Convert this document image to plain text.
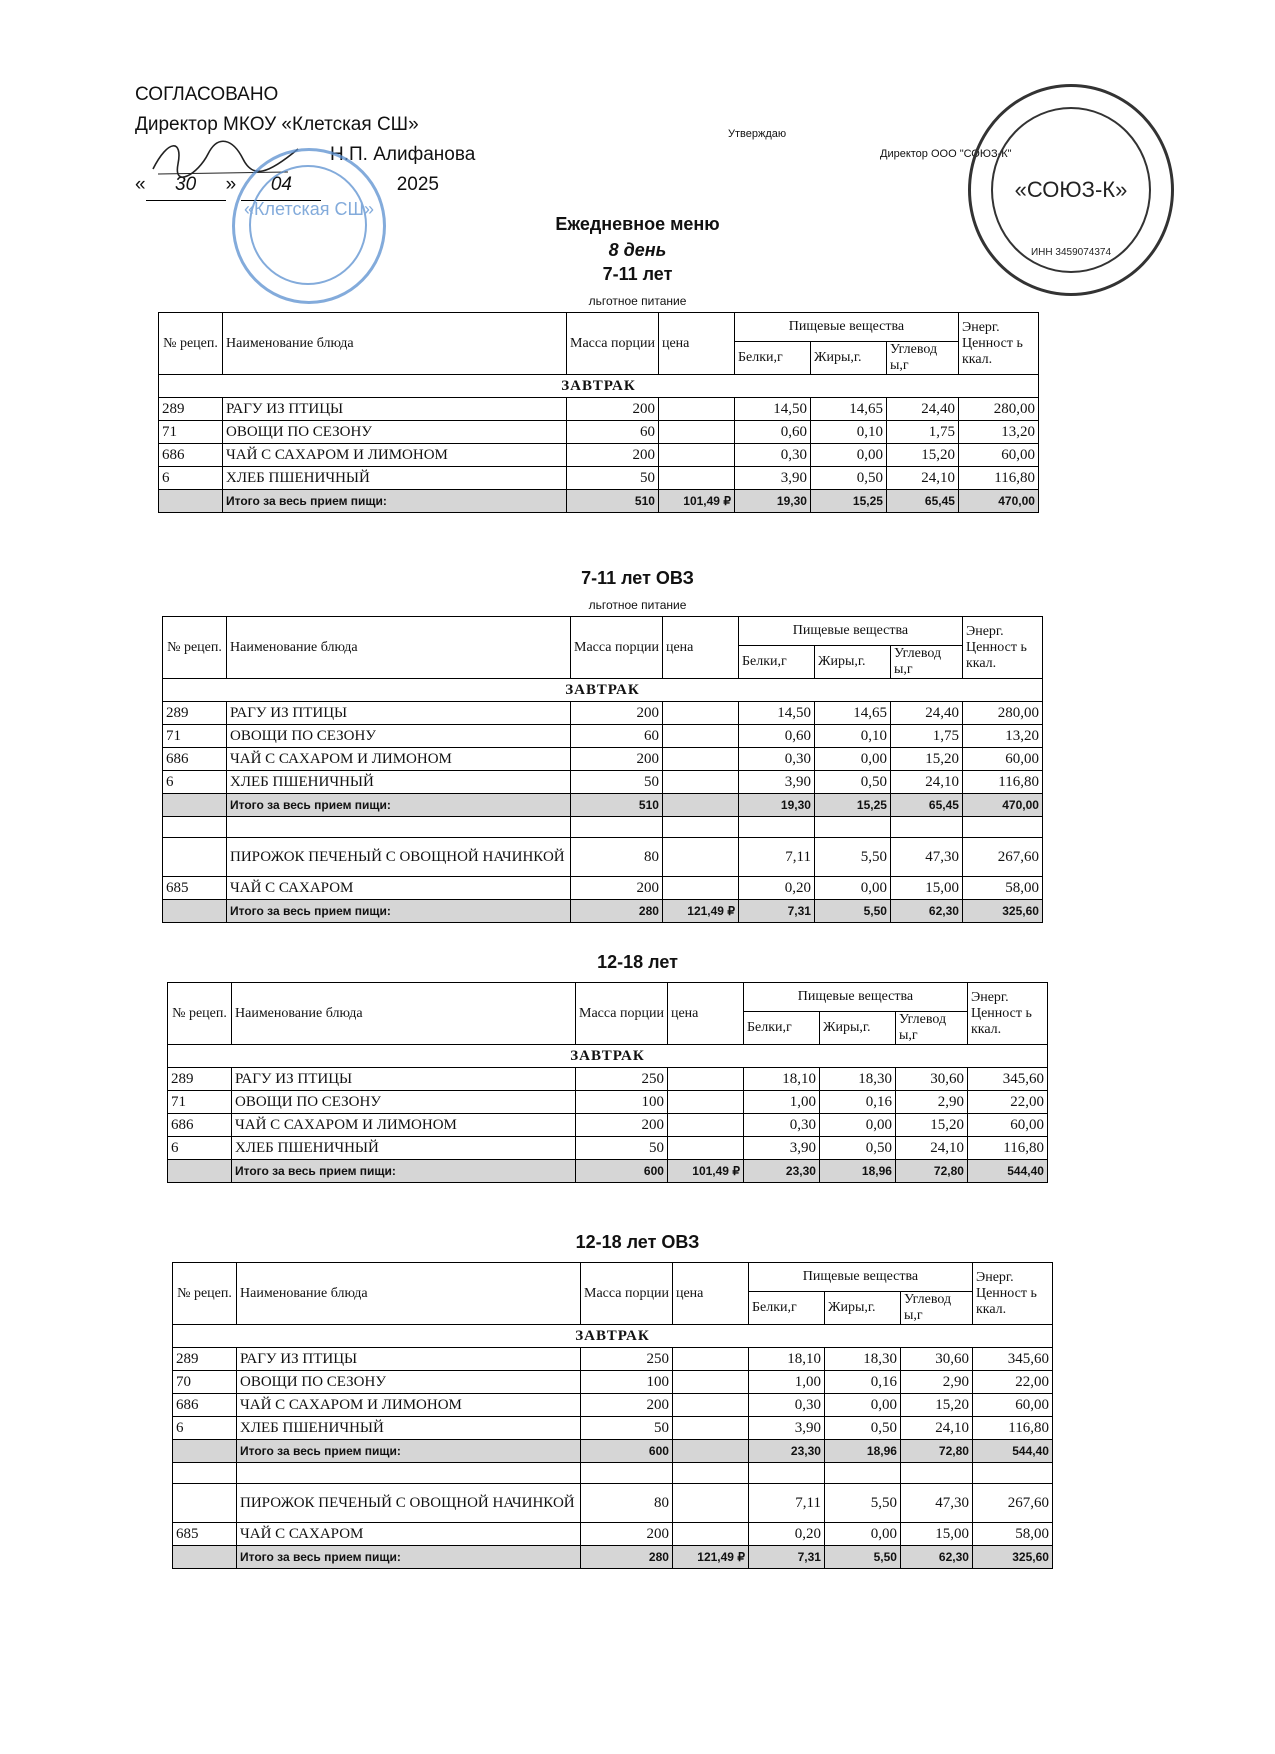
СОГЛАСОВАНО
Директор МКОУ «Клетская СШ»
Н.П. Алифанова
« 30 » 04	2025
«Клетская СШ»
Утверждаю
Директор ООО "СОЮЗ-К"
«СОЮЗ-К»
ИНН 3459074374
Ежедневное меню
8 день
7-11 лет
льготное питание
№ рецеп.	Наименование блюда	Масса порции	цена	Пищевые вещества			Энерг. Ценност ь ккал.
				Белки,г	Жиры,г.	Углевод ы,г	
ЗАВТРАК							
289	РАГУ ИЗ ПТИЦЫ	200		14,50	14,65	24,40	280,00
71	ОВОЩИ ПО СЕЗОНУ	60		0,60	0,10	1,75	13,20
686	ЧАЙ С САХАРОМ И ЛИМОНОМ	200		0,30	0,00	15,20	60,00
6	ХЛЕБ ПШЕНИЧНЫЙ	50		3,90	0,50	24,10	116,80
	Итого за весь прием пищи:	510	101,49 ₽	19,30	15,25	65,45	470,00
7-11 лет ОВЗ
льготное питание
№ рецеп.	Наименование блюда	Масса порции	цена	Пищевые вещества			Энерг. Ценност ь ккал.
				Белки,г	Жиры,г.	Углевод ы,г	
ЗАВТРАК							
289	РАГУ ИЗ ПТИЦЫ	200		14,50	14,65	24,40	280,00
71	ОВОЩИ ПО СЕЗОНУ	60		0,60	0,10	1,75	13,20
686	ЧАЙ С САХАРОМ И ЛИМОНОМ	200		0,30	0,00	15,20	60,00
6	ХЛЕБ ПШЕНИЧНЫЙ	50		3,90	0,50	24,10	116,80
	Итого за весь прием пищи:	510		19,30	15,25	65,45	470,00

	ПИРОЖОК ПЕЧЕНЫЙ С ОВОЩНОЙ НАЧИНКОЙ	80		7,11	5,50	47,30	267,60
685	ЧАЙ С САХАРОМ	200		0,20	0,00	15,00	58,00
	Итого за весь прием пищи:	280	121,49 ₽	7,31	5,50	62,30	325,60
12-18 лет
№ рецеп.	Наименование блюда	Масса порции	цена	Пищевые вещества			Энерг. Ценност ь ккал.
				Белки,г	Жиры,г.	Углевод ы,г	
ЗАВТРАК							
289	РАГУ ИЗ ПТИЦЫ	250		18,10	18,30	30,60	345,60
71	ОВОЩИ ПО СЕЗОНУ	100		1,00	0,16	2,90	22,00
686	ЧАЙ С САХАРОМ И ЛИМОНОМ	200		0,30	0,00	15,20	60,00
6	ХЛЕБ ПШЕНИЧНЫЙ	50		3,90	0,50	24,10	116,80
	Итого за весь прием пищи:	600	101,49 ₽	23,30	18,96	72,80	544,40
12-18 лет ОВЗ
№ рецеп.	Наименование блюда	Масса порции	цена	Пищевые вещества			Энерг. Ценност ь ккал.
				Белки,г	Жиры,г.	Углевод ы,г	
ЗАВТРАК							
289	РАГУ ИЗ ПТИЦЫ	250		18,10	18,30	30,60	345,60
70	ОВОЩИ ПО СЕЗОНУ	100		1,00	0,16	2,90	22,00
686	ЧАЙ С САХАРОМ И ЛИМОНОМ	200		0,30	0,00	15,20	60,00
6	ХЛЕБ ПШЕНИЧНЫЙ	50		3,90	0,50	24,10	116,80
	Итого за весь прием пищи:	600		23,30	18,96	72,80	544,40

	ПИРОЖОК ПЕЧЕНЫЙ С ОВОЩНОЙ НАЧИНКОЙ	80		7,11	5,50	47,30	267,60
685	ЧАЙ С САХАРОМ	200		0,20	0,00	15,00	58,00
	Итого за весь прием пищи:	280	121,49 ₽	7,31	5,50	62,30	325,60
